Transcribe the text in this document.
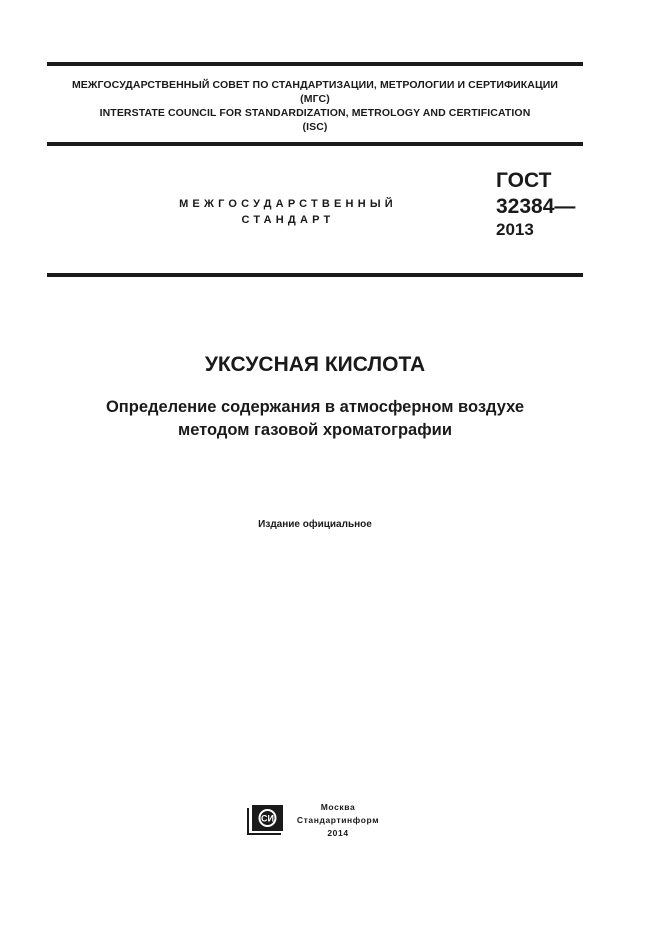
МЕЖГОСУДАРСТВЕННЫЙ СОВЕТ ПО СТАНДАРТИЗАЦИИ, МЕТРОЛОГИИ И СЕРТИФИКАЦИИ
(МГС)
INTERSTATE COUNCIL FOR STANDARDIZATION, METROLOGY AND CERTIFICATION
(ISC)
МЕЖГОСУДАРСТВЕННЫЙ
СТАНДАРТ
ГОСТ
32384—
2013
УКСУСНАЯ КИСЛОТА
Определение содержания в атмосферном воздухе
методом газовой хроматографии
Издание официальное
СИ
Москва
Стандартинформ
2014
